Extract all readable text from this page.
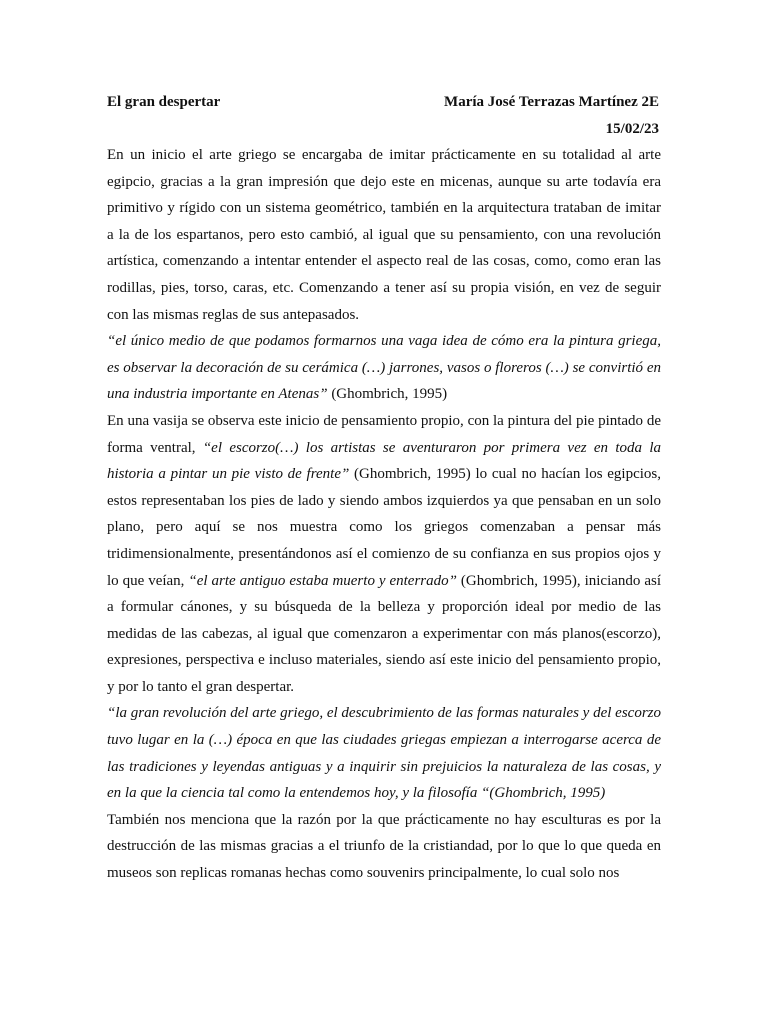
El gran despertar	María José Terrazas Martínez 2E
15/02/23

En un inicio el arte griego se encargaba de imitar prácticamente en su totalidad al arte egipcio, gracias a la gran impresión que dejo este en micenas, aunque su arte todavía era primitivo y rígido con un sistema geométrico, también en la arquitectura trataban de imitar a la de los espartanos, pero esto cambió, al igual que su pensamiento, con una revolución artística, comenzando a intentar entender el aspecto real de las cosas, como, como eran las rodillas, pies, torso, caras, etc. Comenzando a tener así su propia visión, en vez de seguir con las mismas reglas de sus antepasados.

“el único medio de que podamos formarnos una vaga idea de cómo era la pintura griega, es observar la decoración de su cerámica (…) jarrones, vasos o floreros (…) se convirtió en una industria importante en Atenas” (Ghombrich, 1995)

En una vasija se observa este inicio de pensamiento propio, con la pintura del pie pintado de forma ventral, “el escorzo(…) los artistas se aventuraron por primera vez en toda la historia a pintar un pie visto de frente” (Ghombrich, 1995) lo cual no hacían los egipcios, estos representaban los pies de lado y siendo ambos izquierdos ya que pensaban en un solo plano, pero aquí se nos muestra como los griegos comenzaban a pensar más tridimensionalmente, presentándonos así el comienzo de su confianza en sus propios ojos y lo que veían, “el arte antiguo estaba muerto y enterrado” (Ghombrich, 1995), iniciando así a formular cánones, y su búsqueda de la belleza y proporción ideal por medio de las medidas de las cabezas, al igual que comenzaron a experimentar con más planos(escorzo), expresiones, perspectiva e incluso materiales, siendo así este inicio del pensamiento propio, y por lo tanto el gran despertar.

“la gran revolución del arte griego, el descubrimiento de las formas naturales y del escorzo tuvo lugar en la (…) época en que las ciudades griegas empiezan a interrogarse acerca de las tradiciones y leyendas antiguas y a inquirir sin prejuicios la naturaleza de las cosas, y en la que la ciencia tal como la entendemos hoy, y la filosofía “(Ghombrich, 1995)

También nos menciona que la razón por la que prácticamente no hay esculturas es por la destrucción de las mismas gracias a el triunfo de la cristiandad, por lo que lo que queda en museos son replicas romanas hechas como souvenirs principalmente, lo cual solo nos
